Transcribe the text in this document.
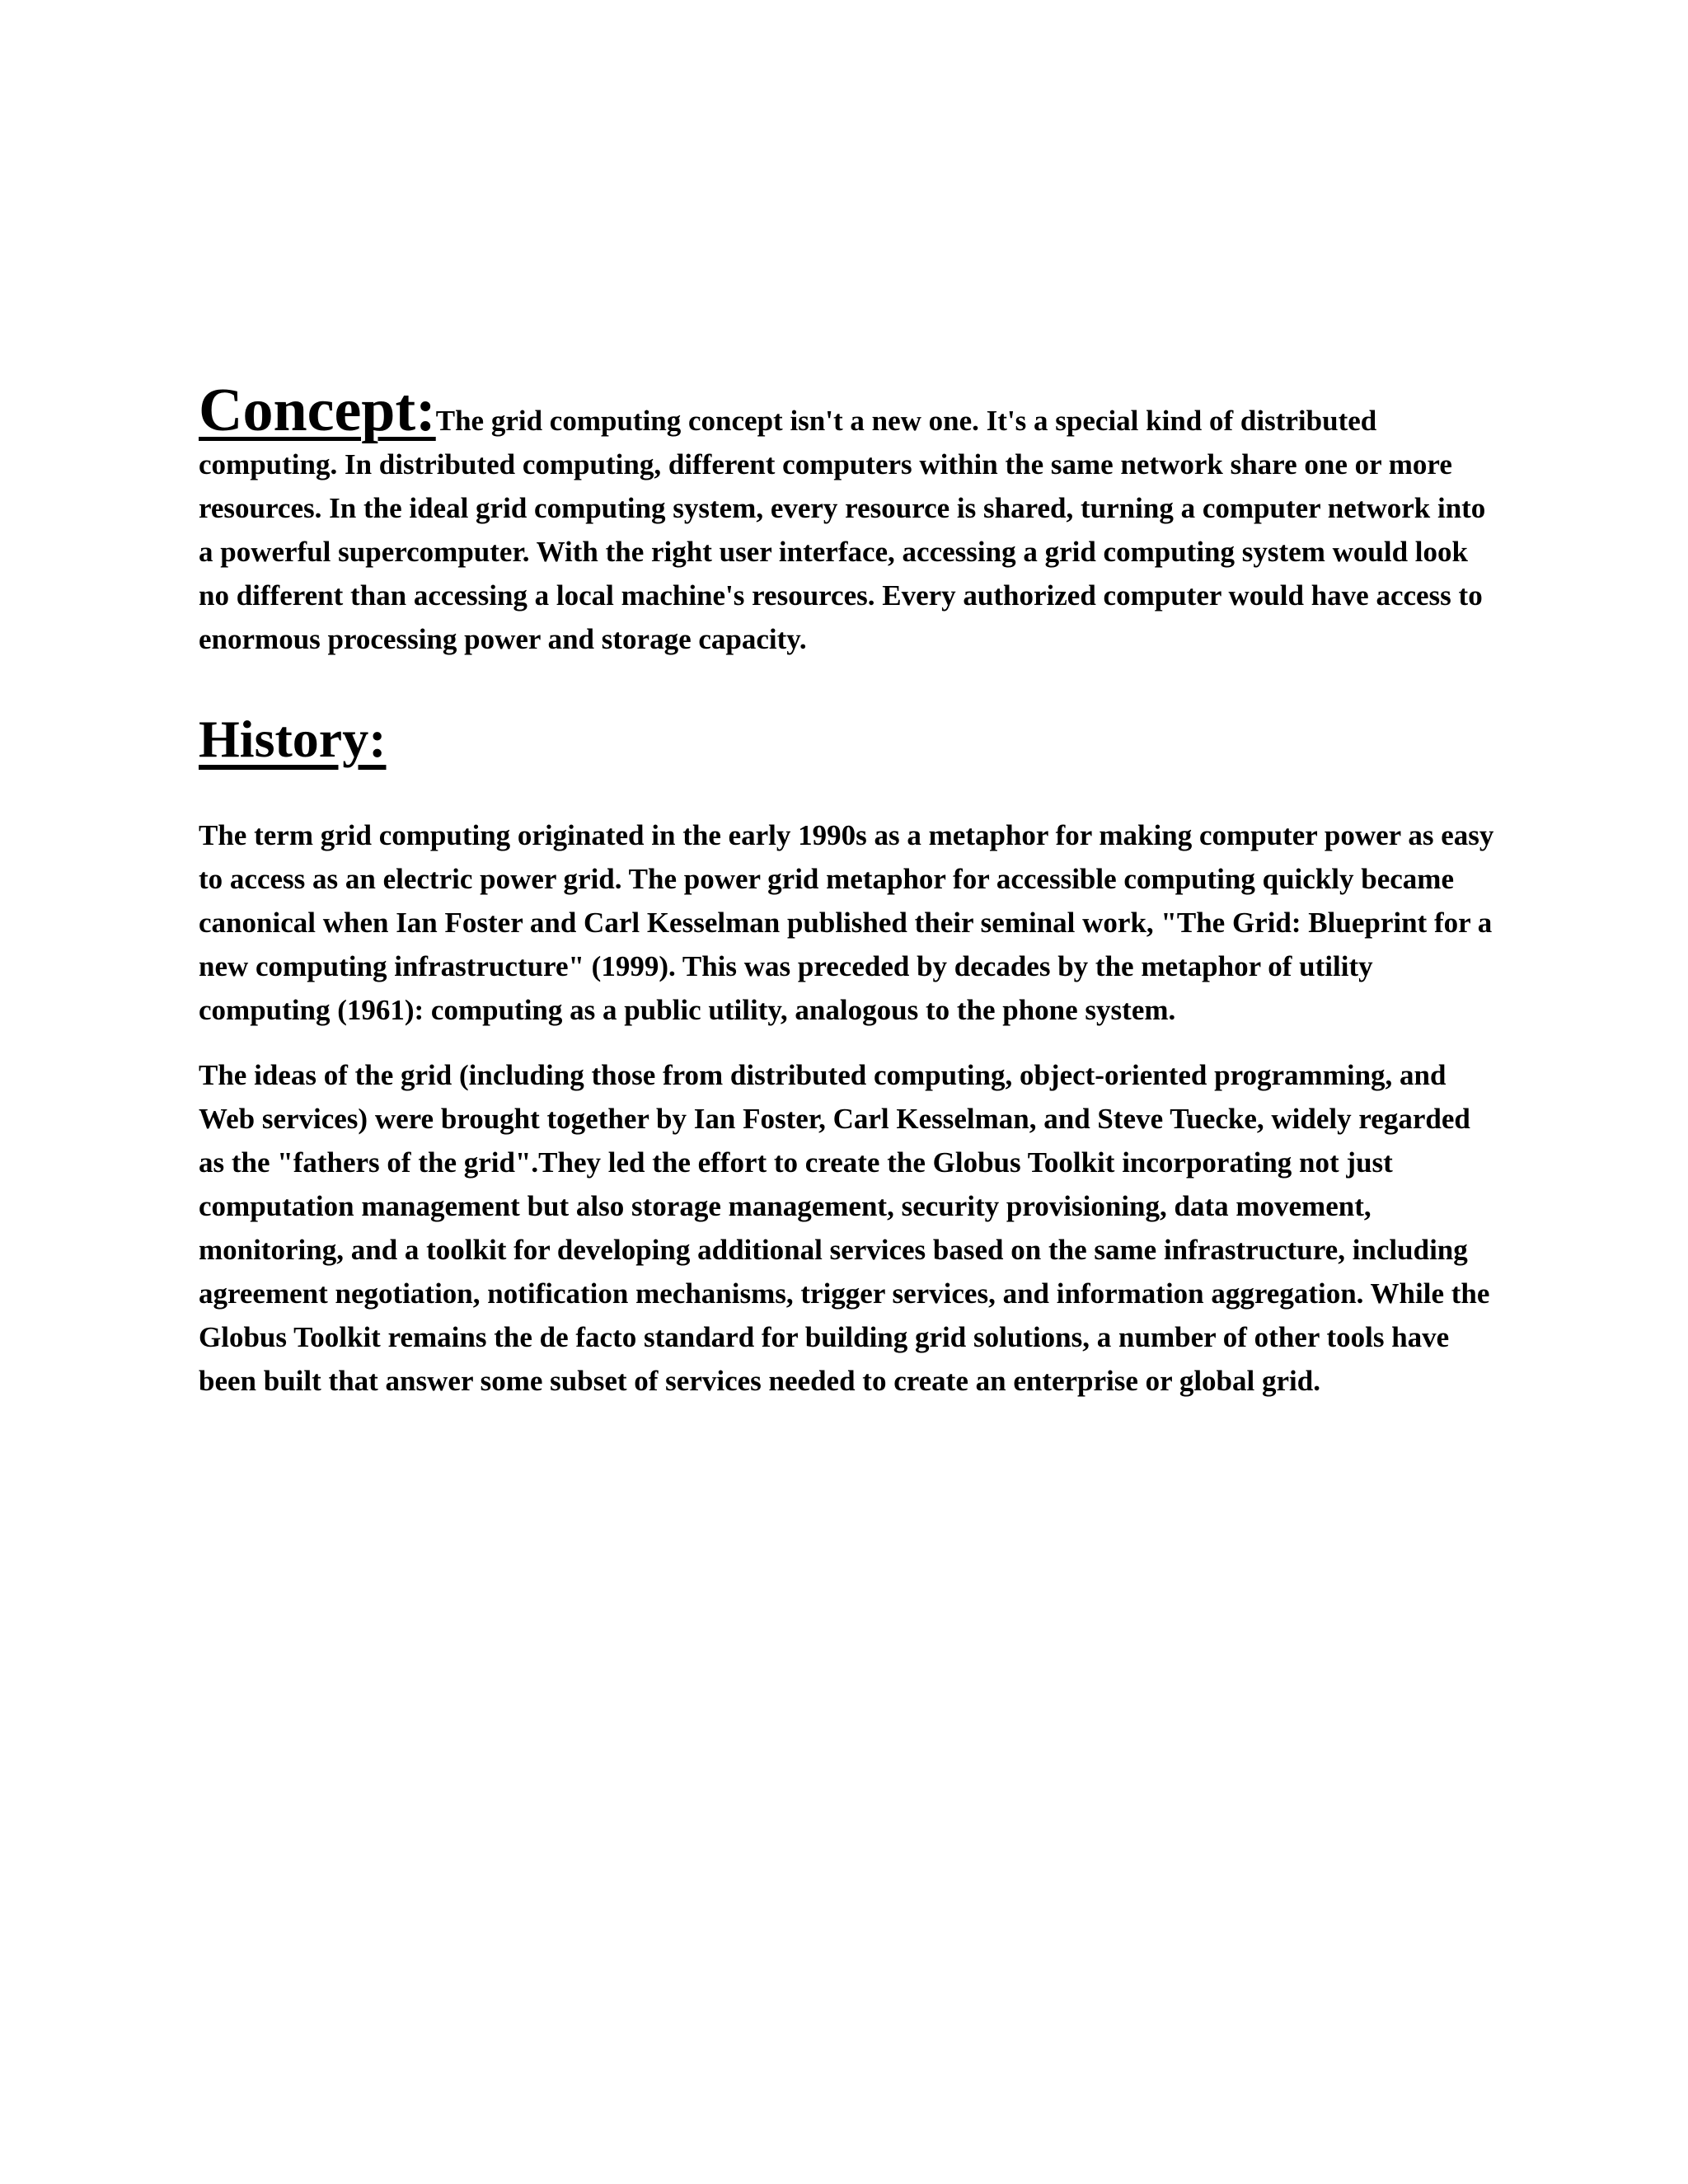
Concept:The grid computing concept isn't a new one. It's a special kind of distributed computing. In distributed computing, different computers within the same network share one or more resources. In the ideal grid computing system, every resource is shared, turning a computer network into a powerful supercomputer. With the right user interface, accessing a grid computing system would look no different than accessing a local machine's resources. Every authorized computer would have access to enormous processing power and storage capacity.

History:

The term grid computing originated in the early 1990s as a metaphor for making computer power as easy to access as an electric power grid. The power grid metaphor for accessible computing quickly became canonical when Ian Foster and Carl Kesselman published their seminal work, "The Grid: Blueprint for a new computing infrastructure" (1999). This was preceded by decades by the metaphor of utility computing (1961): computing as a public utility, analogous to the phone system.

The ideas of the grid (including those from distributed computing, object-oriented programming, and Web services) were brought together by Ian Foster, Carl Kesselman, and Steve Tuecke, widely regarded as the "fathers of the grid".They led the effort to create the Globus Toolkit incorporating not just computation management but also storage management, security provisioning, data movement, monitoring, and a toolkit for developing additional services based on the same infrastructure, including agreement negotiation, notification mechanisms, trigger services, and information aggregation. While the Globus Toolkit remains the de facto standard for building grid solutions, a number of other tools have been built that answer some subset of services needed to create an enterprise or global grid.
